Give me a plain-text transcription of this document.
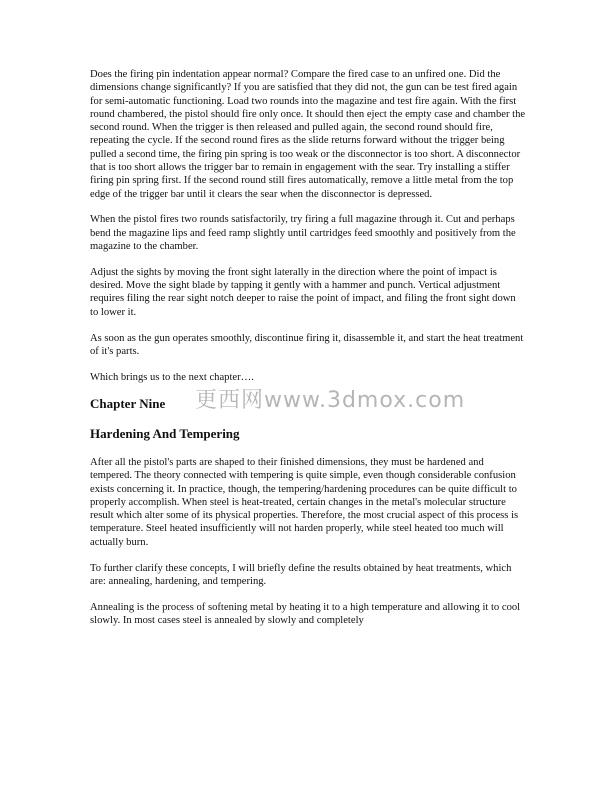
Does the firing pin indentation appear normal? Compare the fired case to an unfired one. Did the dimensions change significantly? If you are satisfied that they did not, the gun can be test fired again for semi-automatic functioning. Load two rounds into the magazine and test fire again. With the first round chambered, the pistol should fire only once. It should then eject the empty case and chamber the second round. When the trigger is then released and pulled again, the second round should fire, repeating the cycle. If the second round fires as the slide returns forward without the trigger being pulled a second time, the firing pin spring is too weak or the disconnector is too short. A disconnector that is too short allows the trigger bar to remain in engagement with the sear. Try installing a stiffer firing pin spring first. If the second round still fires automatically, remove a little metal from the top edge of the trigger bar until it clears the sear when the disconnector is depressed.

When the pistol fires two rounds satisfactorily, try firing a full magazine through it. Cut and perhaps bend the magazine lips and feed ramp slightly until cartridges feed smoothly and positively from the magazine to the chamber.

Adjust the sights by moving the front sight laterally in the direction where the point of impact is desired. Move the sight blade by tapping it gently with a hammer and punch. Vertical adjustment requires filing the rear sight notch deeper to raise the point of impact, and filing the front sight down to lower it.

As soon as the gun operates smoothly, discontinue firing it, disassemble it, and start the heat treatment of it's parts.

Which brings us to the next chapter….

Chapter Nine
Hardening And Tempering

After all the pistol's parts are shaped to their finished dimensions, they must be hardened and tempered. The theory connected with tempering is quite simple, even though considerable confusion exists concerning it. In practice, though, the tempering/hardening procedures can be quite difficult to properly accomplish. When steel is heat-treated, certain changes in the metal's molecular structure result which alter some of its physical properties. Therefore, the most crucial aspect of this process is temperature. Steel heated insufficiently will not harden properly, while steel heated too much will actually burn.

To further clarify these concepts, I will briefly define the results obtained by heat treatments, which are: annealing, hardening, and tempering.

Annealing is the process of softening metal by heating it to a high temperature and allowing it to cool slowly. In most cases steel is annealed by slowly and completely

更西网www.3dmox.com
